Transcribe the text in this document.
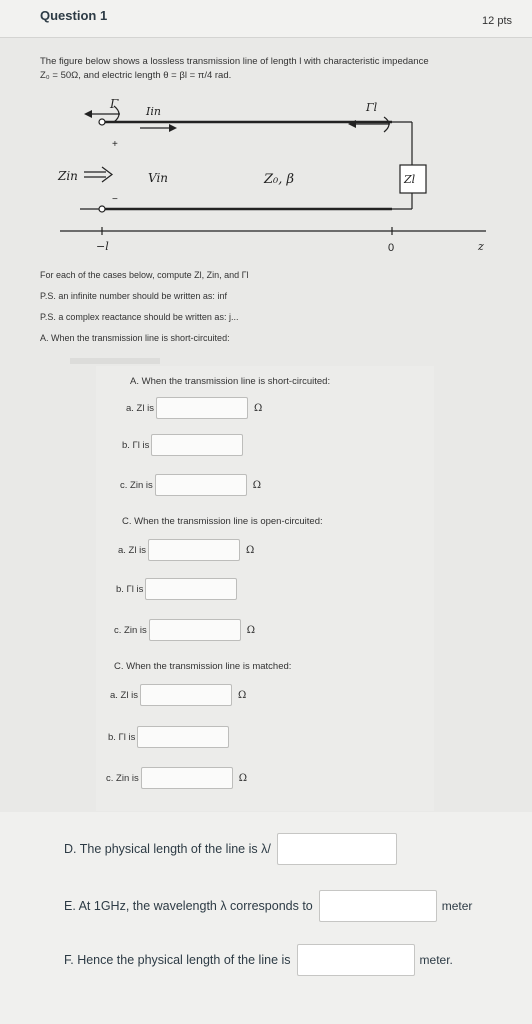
Question 1	12 pts
The figure below shows a lossless transmission line of length l with characteristic impedance
Z₀ = 50Ω, and electric length θ = βl = π/4 rad.
Γ
Iin
+
−
Zin	Vin	Z₀, β	Zl
Γl
−l	0	z
For each of the cases below, compute Zl, Zin, and Γl
P.S. an infinite number should be written as: inf
P.S. a complex reactance should be written as: j...
A. When the transmission line is short-circuited:
A. When the transmission line is short-circuited:
a. Zl is	Ω
b. Γl is
c. Zin is	Ω
C. When the transmission line is open-circuited:
a. Zl is	Ω
b. Γl is
c. Zin is	Ω
C. When the transmission line is matched:
a. Zl is	Ω
b. Γl is
c. Zin is	Ω
D. The physical length of the line is λ/
E. At 1GHz, the wavelength λ corresponds to	meter
F. Hence the physical length of the line is	meter.
